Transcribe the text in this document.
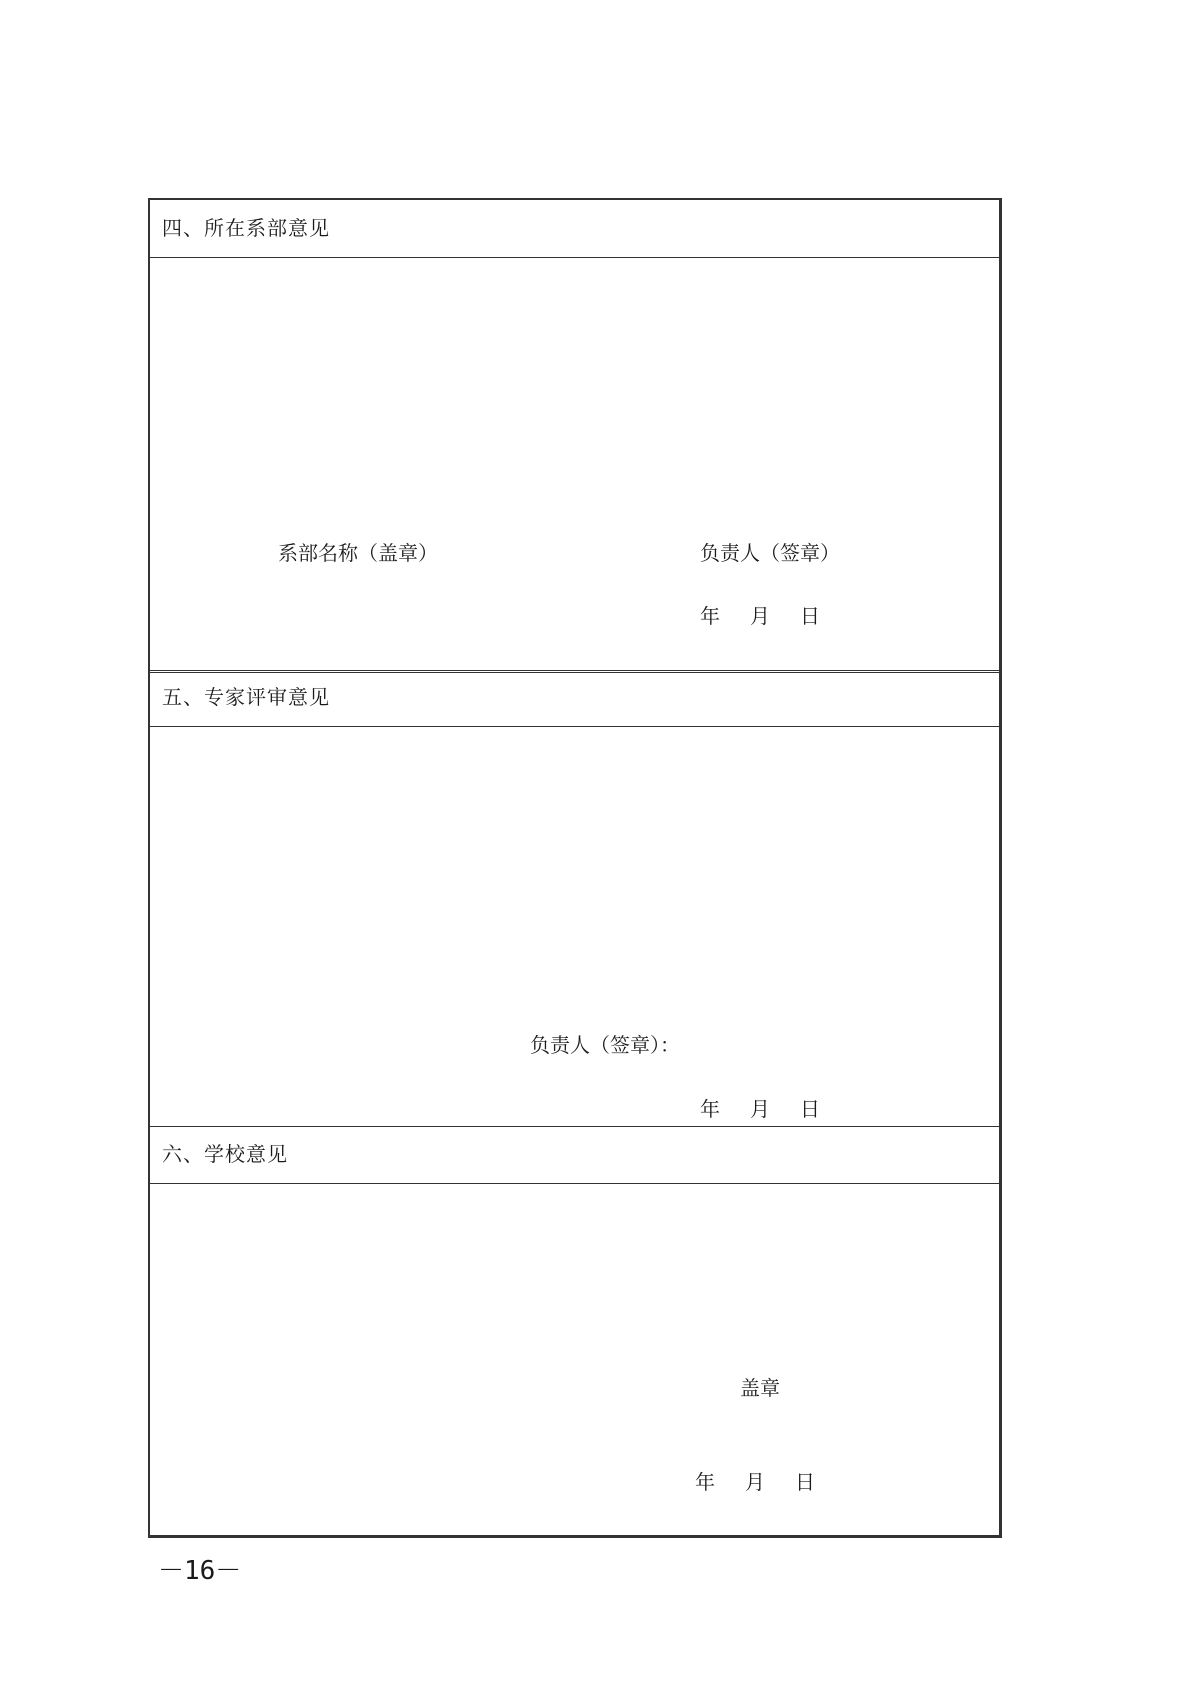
四、所在系部意见
系部名称（盖章）	负责人（签章）
年 月 日
五、专家评审意见
负责人（签章）：
年 月 日
六、学校意见
盖章
年 月 日
－16－
